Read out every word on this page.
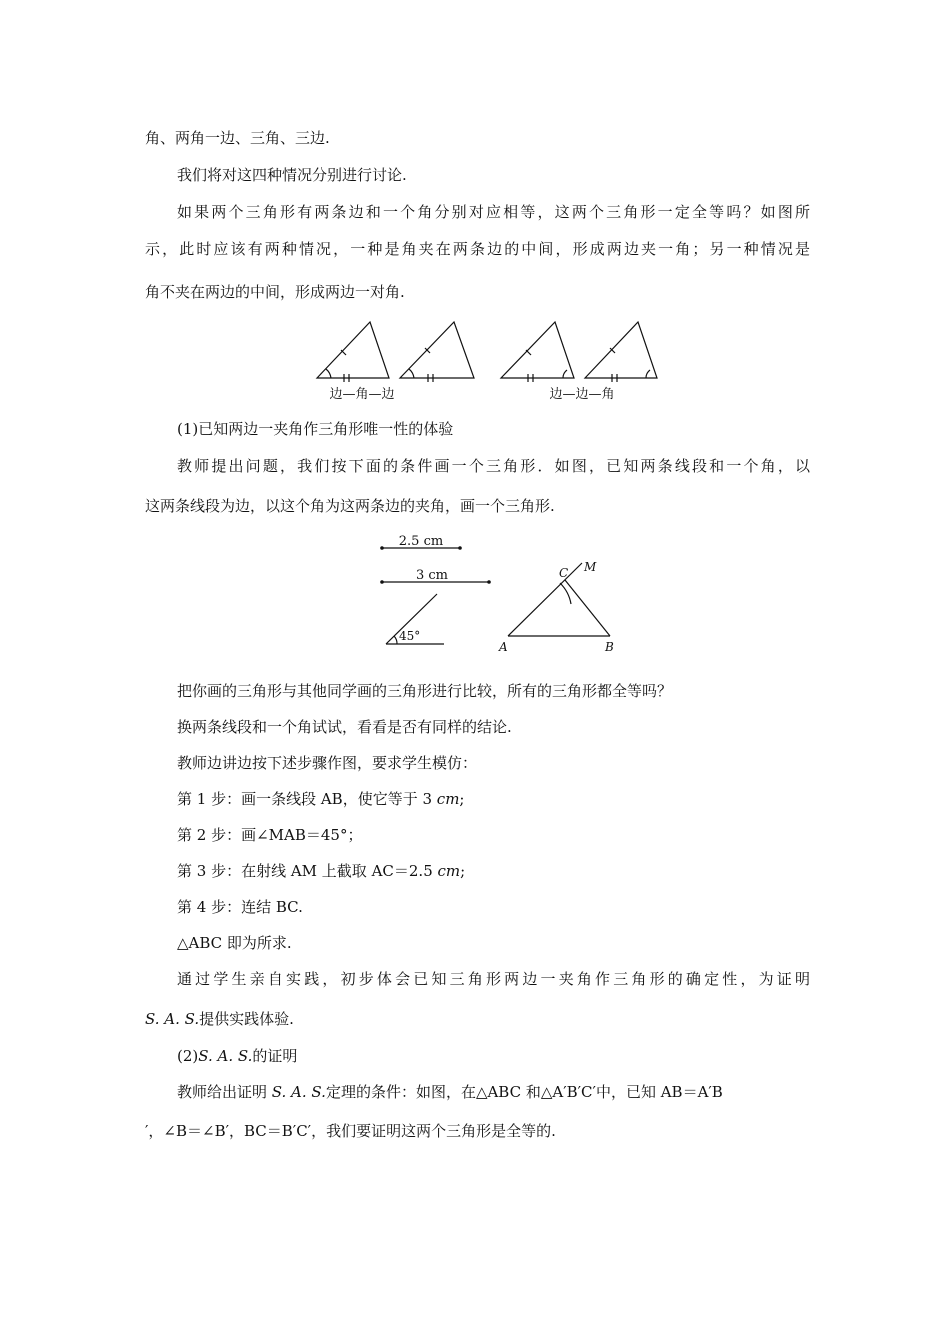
角、两角一边、三角、三边.
我们将对这四种情况分别进行讨论.
如果两个三角形有两条边和一个角分别对应相等，这两个三角形一定全等吗？如图所
示，此时应该有两种情况，一种是角夹在两条边的中间，形成两边夹一角；另一种情况是
角不夹在两边的中间，形成两边一对角.
边—角—边	边—边—角
(1)已知两边一夹角作三角形唯一性的体验
教师提出问题，我们按下面的条件画一个三角形．如图，已知两条线段和一个角，以
这两条线段为边，以这个角为这两条边的夹角，画一个三角形.
2.5 cm
3 cm
45°
A	B
C M
把你画的三角形与其他同学画的三角形进行比较，所有的三角形都全等吗？
换两条线段和一个角试试，看看是否有同样的结论.
教师边讲边按下述步骤作图，要求学生模仿：
第 1 步：画一条线段 AB，使它等于 3 cm;
第 2 步：画∠MAB＝45°；
第 3 步：在射线 AM 上截取 AC＝2.5 cm;
第 4 步：连结 BC.
△ABC 即为所求.
通过学生亲自实践，初步体会已知三角形两边一夹角作三角形的确定性，为证明
S. A. S.提供实践体验.
(2)S. A. S.的证明
教师给出证明 S. A. S.定理的条件：如图，在△ABC 和△A′B′C′中，已知 AB＝A′B
′，∠B＝∠B′，BC＝B′C′，我们要证明这两个三角形是全等的.
